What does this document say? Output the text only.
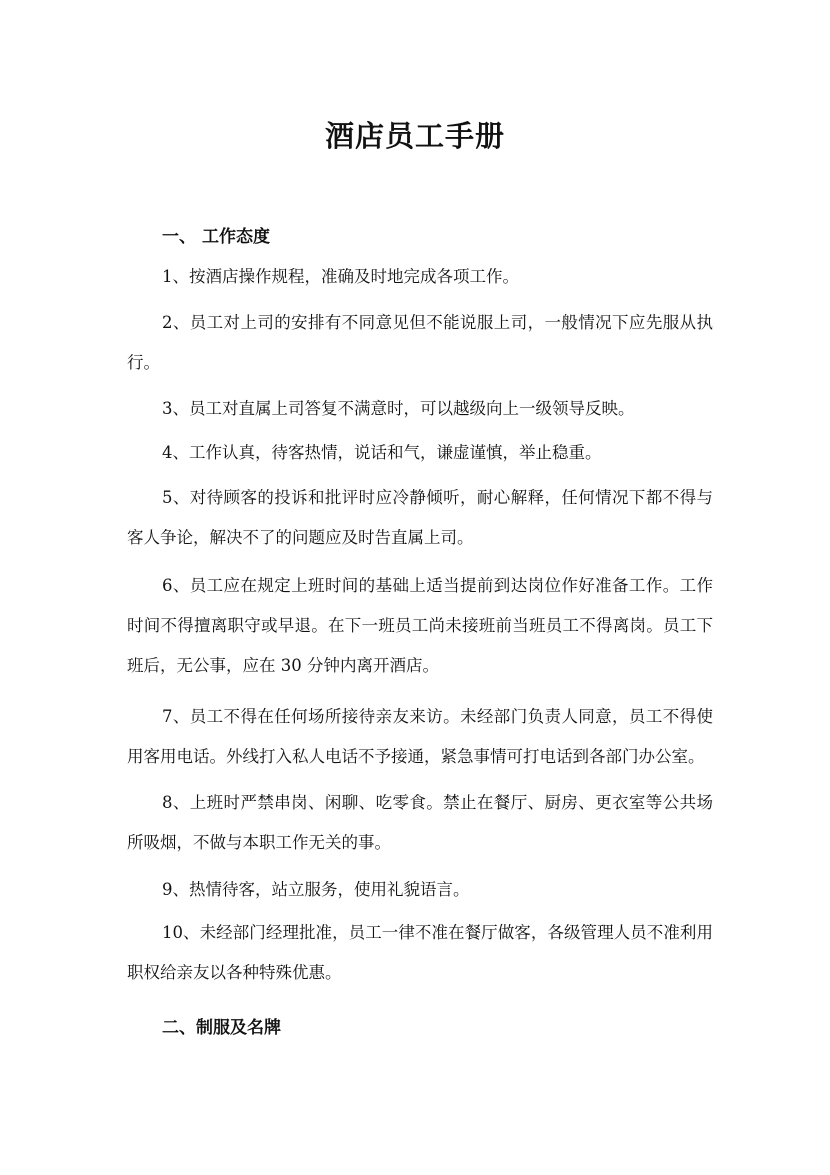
酒店员工手册
一、 工作态度

1、按酒店操作规程，准确及时地完成各项工作。

2、员工对上司的安排有不同意见但不能说服上司，一般情况下应先服从执行。

3、员工对直属上司答复不满意时，可以越级向上一级领导反映。

4、工作认真，待客热情，说话和气，谦虚谨慎，举止稳重。

5、对待顾客的投诉和批评时应冷静倾听，耐心解释，任何情况下都不得与客人争论，解决不了的问题应及时告直属上司。

6、员工应在规定上班时间的基础上适当提前到达岗位作好准备工作。工作时间不得擅离职守或早退。在下一班员工尚未接班前当班员工不得离岗。员工下班后，无公事，应在 30 分钟内离开酒店。

7、员工不得在任何场所接待亲友来访。未经部门负责人同意，员工不得使用客用电话。外线打入私人电话不予接通，紧急事情可打电话到各部门办公室。

8、上班时严禁串岗、闲聊、吃零食。禁止在餐厅、厨房、更衣室等公共场所吸烟，不做与本职工作无关的事。

9、热情待客，站立服务，使用礼貌语言。

10、未经部门经理批准，员工一律不准在餐厅做客，各级管理人员不准利用职权给亲友以各种特殊优惠。

二、制服及名牌
